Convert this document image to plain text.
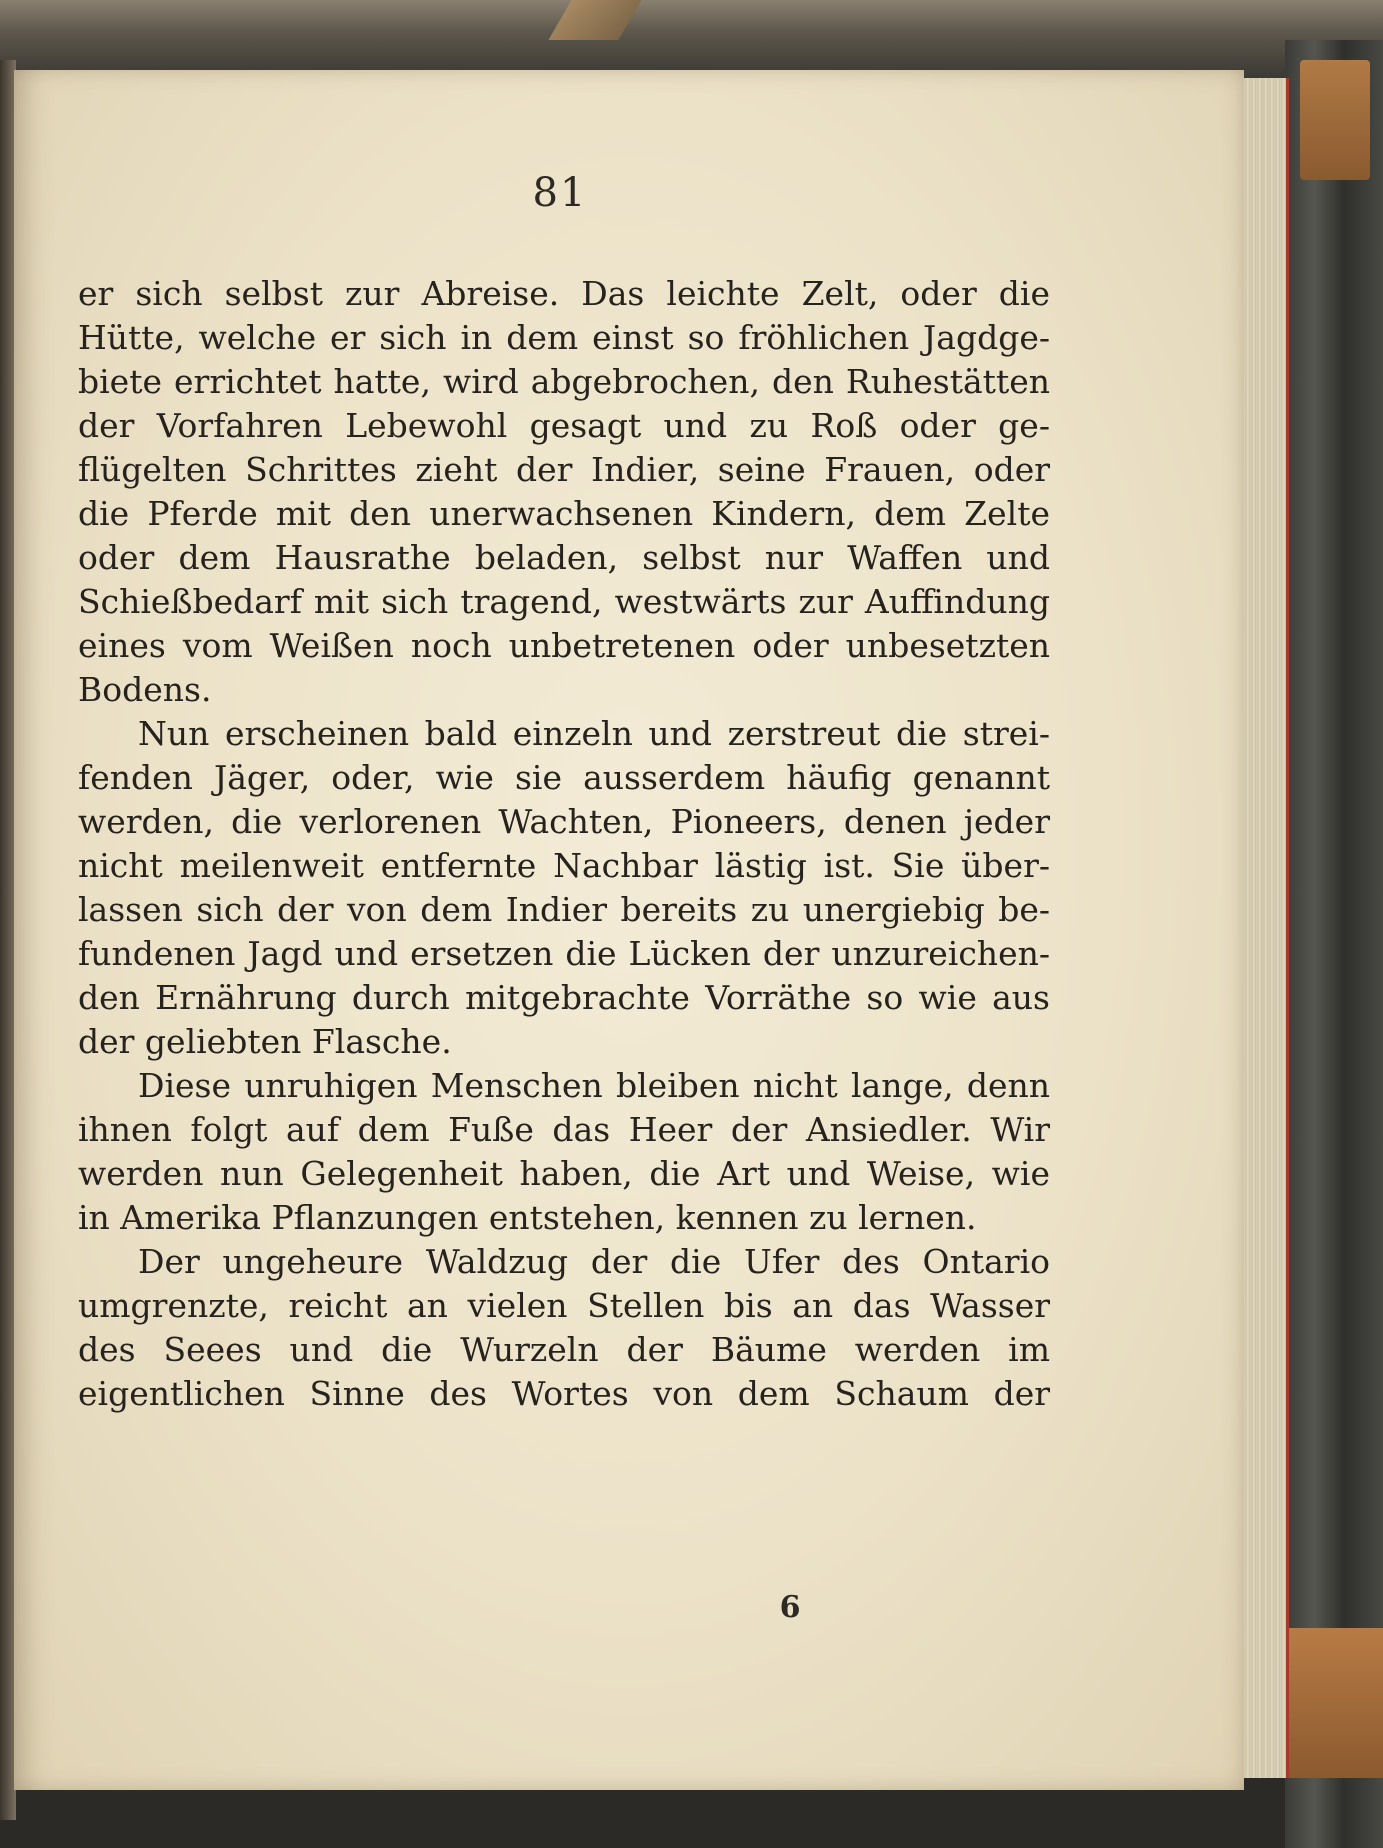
81
er sich selbst zur Abreise. Das leichte Zelt, oder die
Hütte, welche er sich in dem einst so fröhlichen Jagdge-
biete errichtet hatte, wird abgebrochen, den Ruhestätten
der Vorfahren Lebewohl gesagt und zu Roß oder ge-
flügelten Schrittes zieht der Indier, seine Frauen, oder
die Pferde mit den unerwachsenen Kindern, dem Zelte
oder dem Hausrathe beladen, selbst nur Waffen und
Schießbedarf mit sich tragend, westwärts zur Auffindung
eines vom Weißen noch unbetretenen oder unbesetzten
Bodens.
Nun erscheinen bald einzeln und zerstreut die strei-
fenden Jäger, oder, wie sie ausserdem häufig genannt
werden, die verlorenen Wachten, Pioneers, denen jeder
nicht meilenweit entfernte Nachbar lästig ist. Sie über-
lassen sich der von dem Indier bereits zu unergiebig be-
fundenen Jagd und ersetzen die Lücken der unzureichen-
den Ernährung durch mitgebrachte Vorräthe so wie aus
der geliebten Flasche.
Diese unruhigen Menschen bleiben nicht lange, denn
ihnen folgt auf dem Fuße das Heer der Ansiedler. Wir
werden nun Gelegenheit haben, die Art und Weise, wie
in Amerika Pflanzungen entstehen, kennen zu lernen.
Der ungeheure Waldzug der die Ufer des Ontario
umgrenzte, reicht an vielen Stellen bis an das Wasser
des Seees und die Wurzeln der Bäume werden im
eigentlichen Sinne des Wortes von dem Schaum der
6
